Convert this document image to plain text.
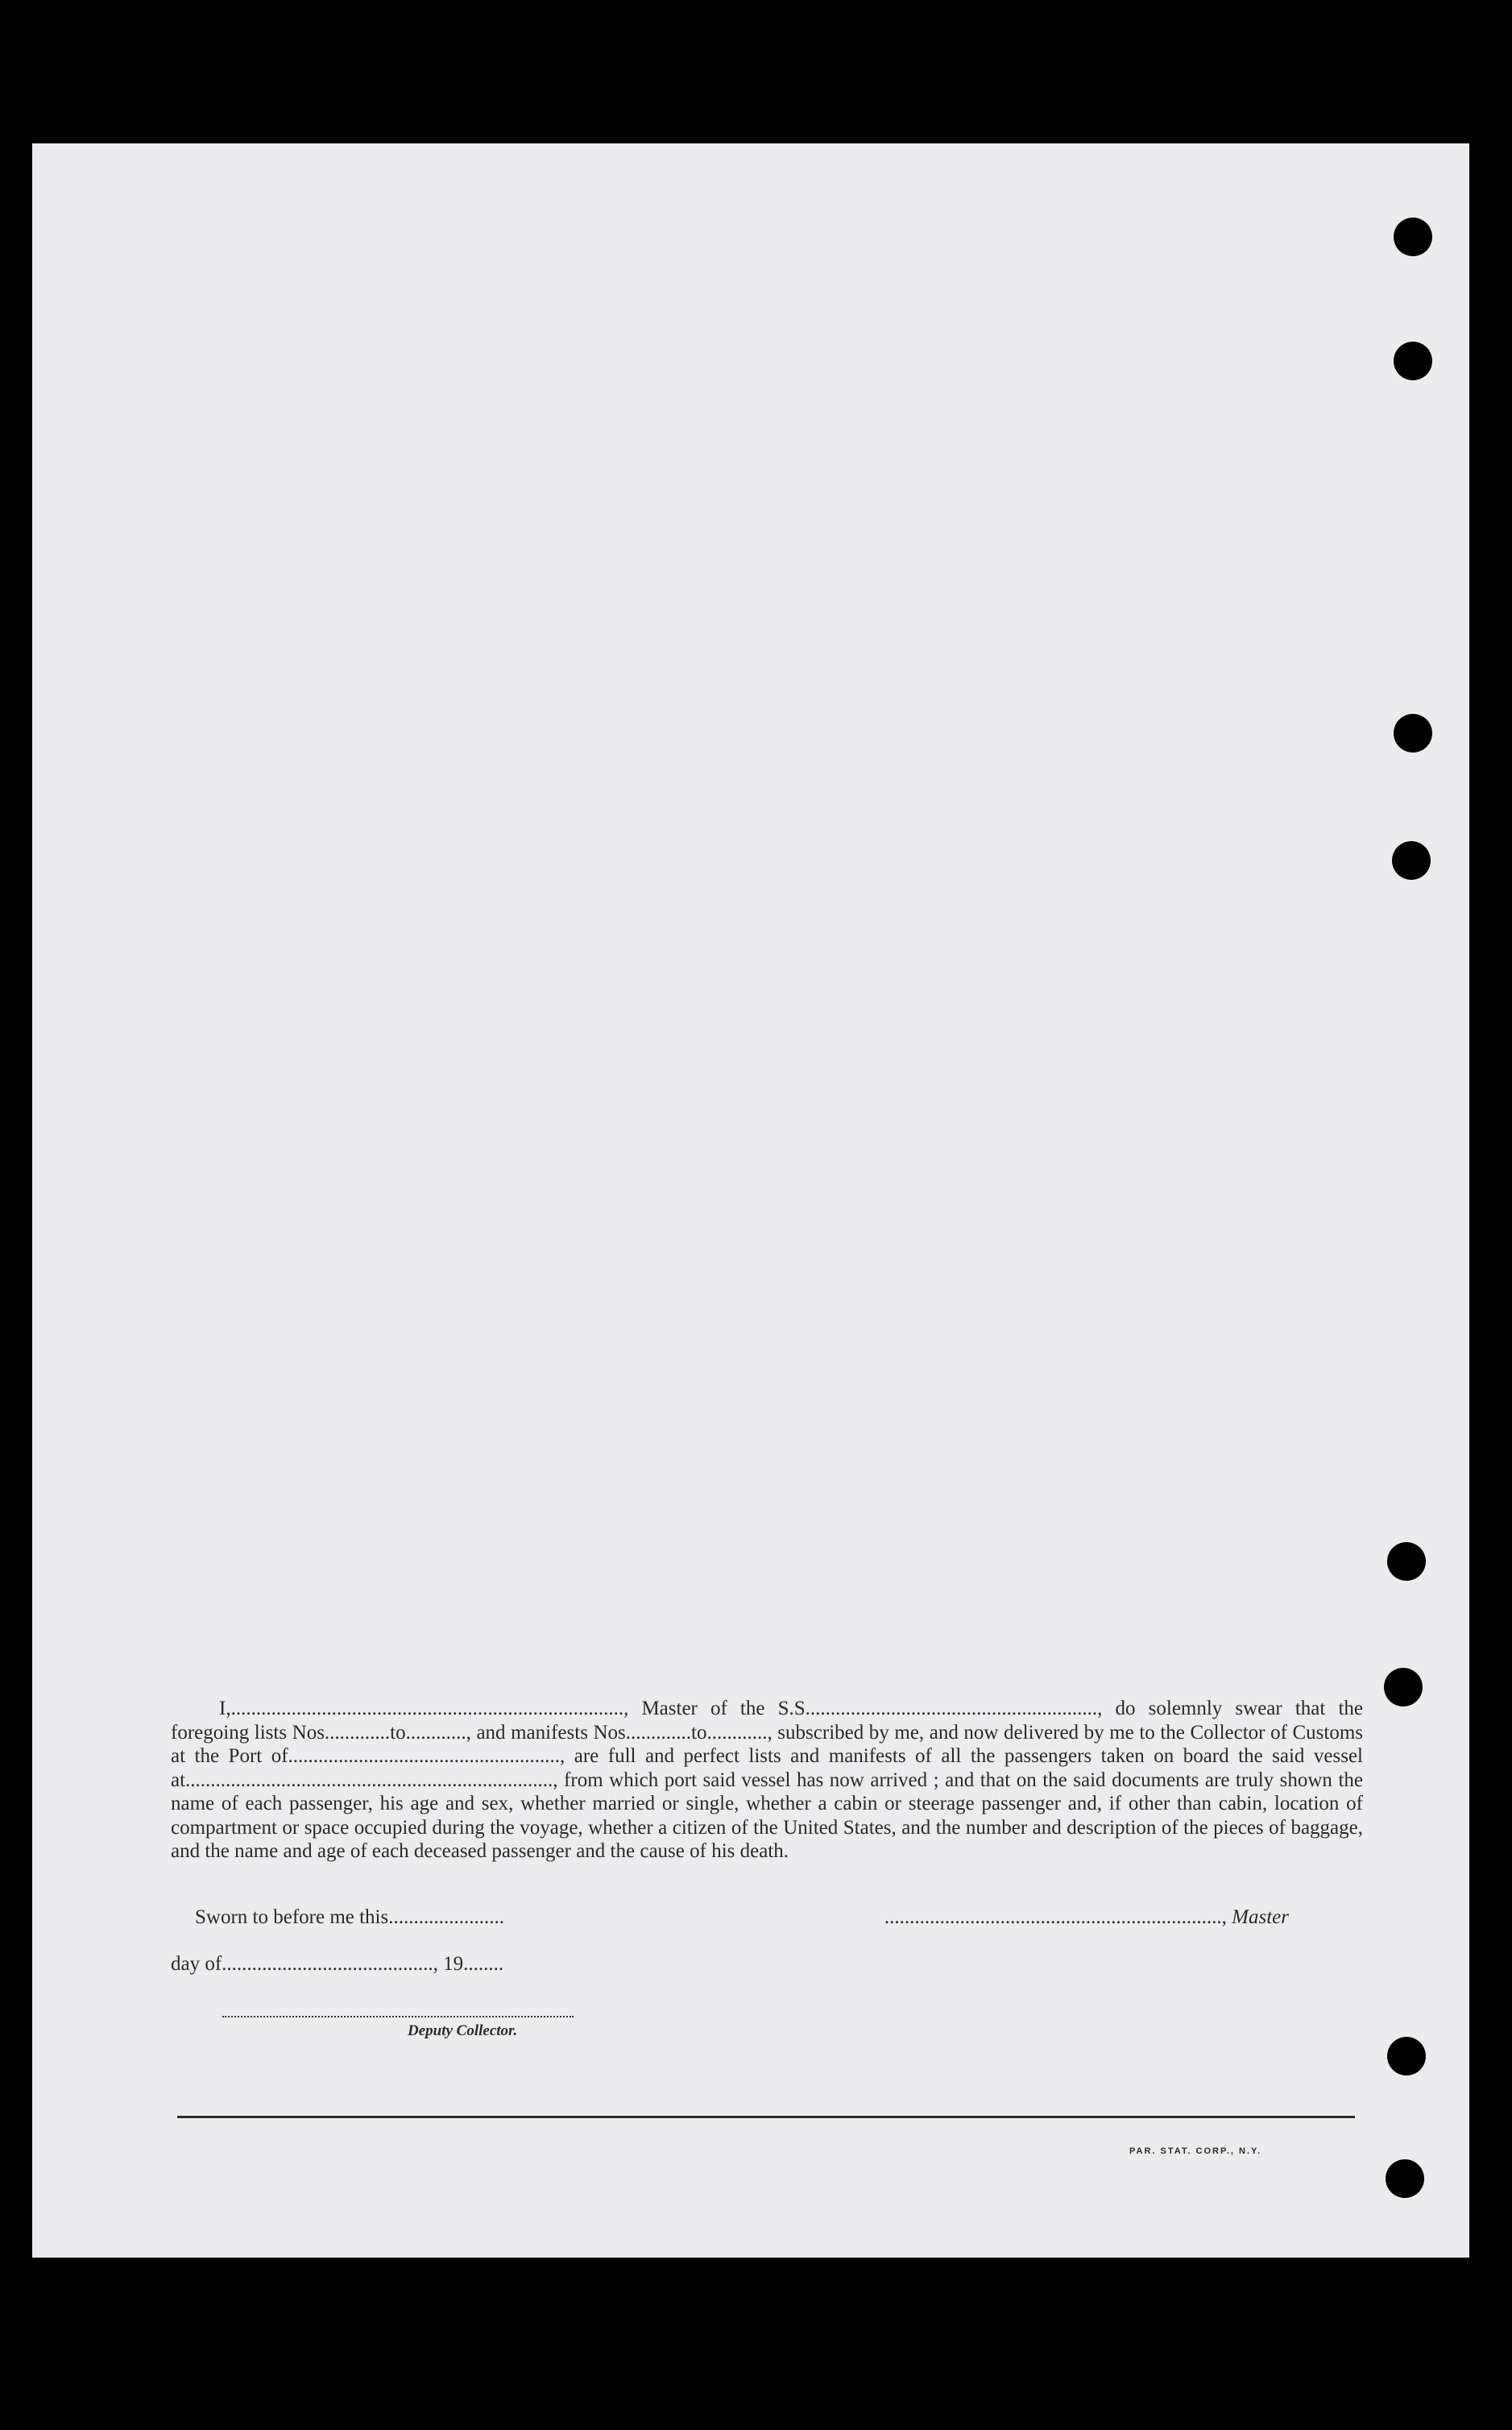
I,.............................................................................., Master of the S.S.........................................................., do solemnly swear that the foregoing lists Nos.............to............, and manifests Nos.............to............, subscribed by me, and now delivered by me to the Collector of Customs at the Port of......................................................, are full and perfect lists and manifests of all the passengers taken on board the said vessel at........................................................................., from which port said vessel has now arrived ; and that on the said documents are truly shown the name of each passenger, his age and sex, whether married or single, whether a cabin or steerage passenger and, if other than cabin, location of compartment or space occupied during the voyage, whether a citizen of the United States, and the number and description of the pieces of baggage, and the name and age of each deceased passenger and the cause of his death.

Sworn to before me this.......................	..................................................................., Master
day of.........................................., 19........
Deputy Collector.
PAR. STAT. CORP., N.Y.
